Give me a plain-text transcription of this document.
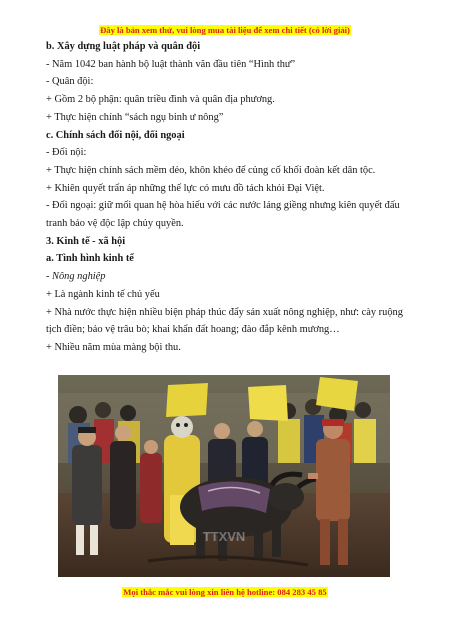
Đây là bản xem thử, vui lòng mua tài liệu để xem chi tiết (có lời giải)

b. Xây dựng luật pháp và quân đội

- Năm 1042 ban hành bộ luật thành văn đầu tiên “Hình thư”

- Quân đội:

+ Gồm 2 bộ phận: quân triều đình và quân địa phương.

+ Thực hiện chính “sách ngụ binh ư nông”

c. Chính sách đối nội, đối ngoại

- Đối nội:

+ Thực hiện chính sách mềm dẻo, khôn khéo để củng cố khối đoàn kết dân tộc.

+ Khiên quyết trấn áp những thế lực có mưu đồ tách khỏi Đại Việt.

- Đối ngoại: giữ mối quan hệ hòa hiếu với các nước láng giềng nhưng kiên quyết đấu tranh bảo vệ độc lập chủy quyền.

3. Kinh tế - xã hội

a. Tình hình kinh tế

- Nông nghiệp

+ Là ngành kinh tế chủ yếu

+ Nhà nước thực hiện nhiều biện pháp thúc đẩy sản xuất nông nghiệp, như: cày ruộng tịch điền; bảo vệ trâu bò; khai khẩn đất hoang; đào đắp kênh mương…

+ Nhiều năm mùa màng bội thu.

TTXVN
Mọi thắc mắc vui lòng xin liên hệ hotline: 084 283 45 85
